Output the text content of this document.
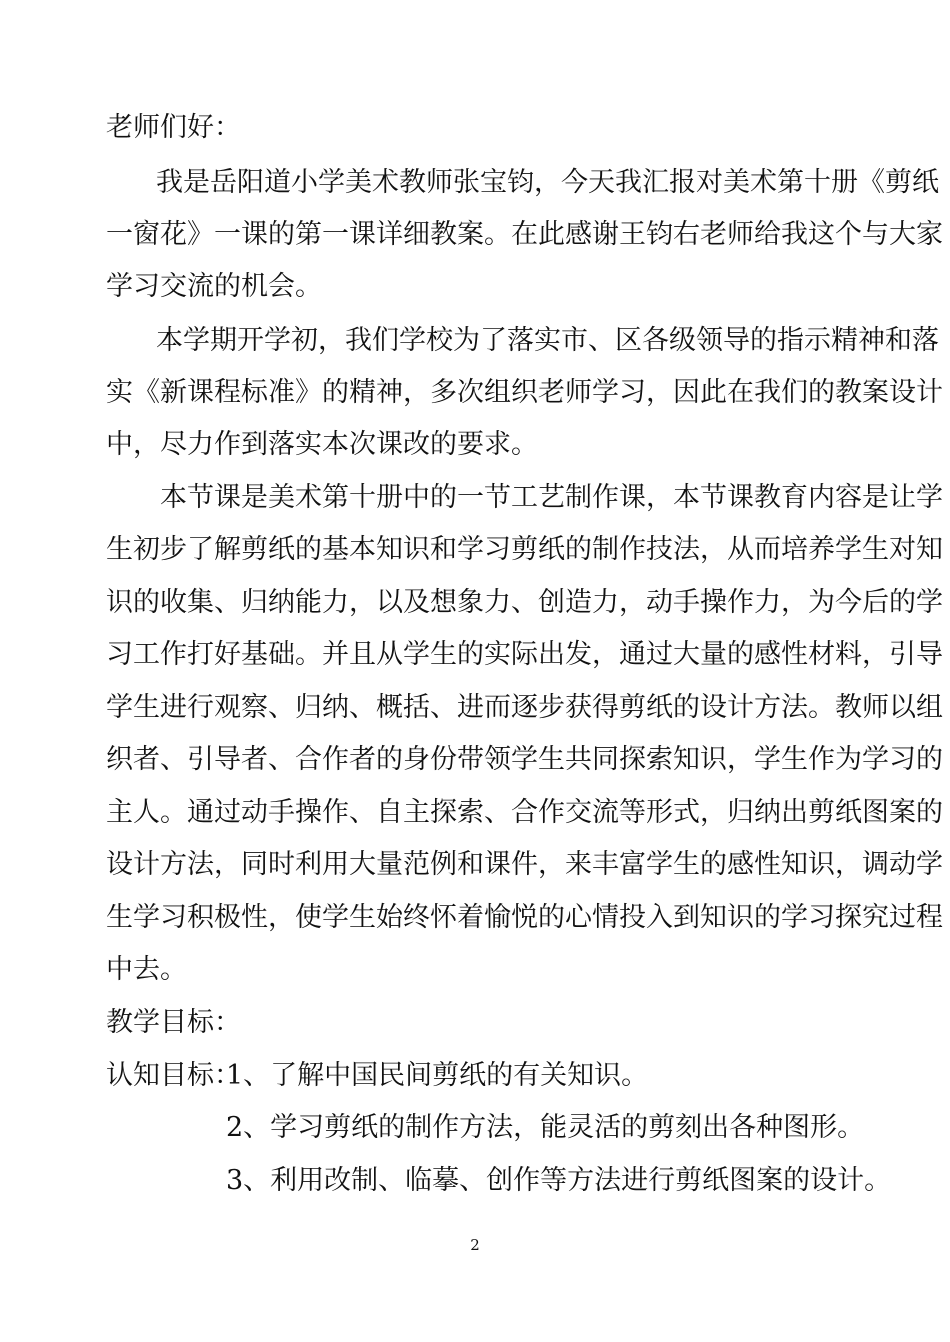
老师们好：
我是岳阳道小学美术教师张宝钧，今天我汇报对美术第十册《剪纸
一窗花》一课的第一课详细教案。在此感谢王钧右老师给我这个与大家
学习交流的机会。
本学期开学初，我们学校为了落实市、区各级领导的指示精神和落
实《新课程标准》的精神，多次组织老师学习，因此在我们的教案设计
中，尽力作到落实本次课改的要求。
本节课是美术第十册中的一节工艺制作课，本节课教育内容是让学
生初步了解剪纸的基本知识和学习剪纸的制作技法，从而培养学生对知
识的收集、归纳能力，以及想象力、创造力，动手操作力，为今后的学
习工作打好基础。并且从学生的实际出发，通过大量的感性材料，引导
学生进行观察、归纳、概括、进而逐步获得剪纸的设计方法。教师以组
织者、引导者、合作者的身份带领学生共同探索知识，学生作为学习的
主人。通过动手操作、自主探索、合作交流等形式，归纳出剪纸图案的
设计方法，同时利用大量范例和课件，来丰富学生的感性知识，调动学
生学习积极性，使学生始终怀着愉悦的心情投入到知识的学习探究过程
中去。
教学目标：
认知目标：
1、了解中国民间剪纸的有关知识。
2、学习剪纸的制作方法，能灵活的剪刻出各种图形。
3、利用改制、临摹、创作等方法进行剪纸图案的设计。
2
